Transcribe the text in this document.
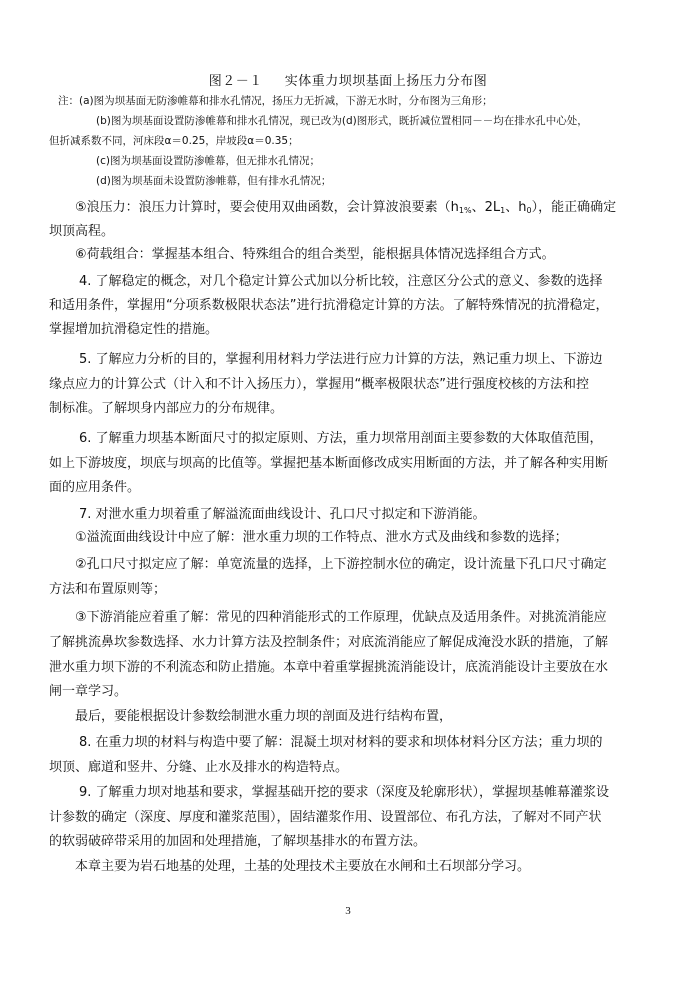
图２－１ 实体重力坝坝基面上扬压力分布图
注：(a)图为坝基面无防渗帷幕和排水孔情况，扬压力无折减，下游无水时，分布图为三角形；
(b)图为坝基面设置防渗帷幕和排水孔情况，现已改为(d)图形式，既折减位置相同－－均在排水孔中心处，
但折减系数不同，河床段α＝0.25，岸坡段α＝0.35；
(c)图为坝基面设置防渗帷幕，但无排水孔情况；
(d)图为坝基面未设置防渗帷幕，但有排水孔情况；
⑤浪压力：浪压力计算时，要会使用双曲函数，会计算波浪要素（$h_{1\%}$、$2L_1$、$h_0$），能正确确定
坝顶高程。
⑥荷载组合：掌握基本组合、特殊组合的组合类型，能根据具体情况选择组合方式。
4. 了解稳定的概念，对几个稳定计算公式加以分析比较，注意区分公式的意义、参数的选择
和适用条件，掌握用“分项系数极限状态法”进行抗滑稳定计算的方法。了解特殊情况的抗滑稳定，
掌握增加抗滑稳定性的措施。
5. 了解应力分析的目的，掌握利用材料力学法进行应力计算的方法，熟记重力坝上、下游边
缘点应力的计算公式（计入和不计入扬压力），掌握用“概率极限状态”进行强度校核的方法和控
制标准。了解坝身内部应力的分布规律。
6. 了解重力坝基本断面尺寸的拟定原则、方法，重力坝常用剖面主要参数的大体取值范围，
如上下游坡度，坝底与坝高的比值等。掌握把基本断面修改成实用断面的方法，并了解各种实用断
面的应用条件。
7. 对泄水重力坝着重了解溢流面曲线设计、孔口尺寸拟定和下游消能。
①溢流面曲线设计中应了解：泄水重力坝的工作特点、泄水方式及曲线和参数的选择；
②孔口尺寸拟定应了解：单宽流量的选择，上下游控制水位的确定，设计流量下孔口尺寸确定
方法和布置原则等；
③下游消能应着重了解：常见的四种消能形式的工作原理，优缺点及适用条件。对挑流消能应
了解挑流鼻坎参数选择、水力计算方法及控制条件；对底流消能应了解促成淹没水跃的措施，了解
泄水重力坝下游的不利流态和防止措施。本章中着重掌握挑流消能设计，底流消能设计主要放在水
闸一章学习。
最后，要能根据设计参数绘制泄水重力坝的剖面及进行结构布置，
8. 在重力坝的材料与构造中要了解：混凝土坝对材料的要求和坝体材料分区方法；重力坝的
坝顶、廊道和竖井、分缝、止水及排水的构造特点。
9. 了解重力坝对地基和要求，掌握基础开挖的要求（深度及轮廓形状），掌握坝基帷幕灌浆设
计参数的确定（深度、厚度和灌浆范围），固结灌浆作用、设置部位、布孔方法，了解对不同产状
的软弱破碎带采用的加固和处理措施，了解坝基排水的布置方法。
本章主要为岩石地基的处理，土基的处理技术主要放在水闸和土石坝部分学习。
3
